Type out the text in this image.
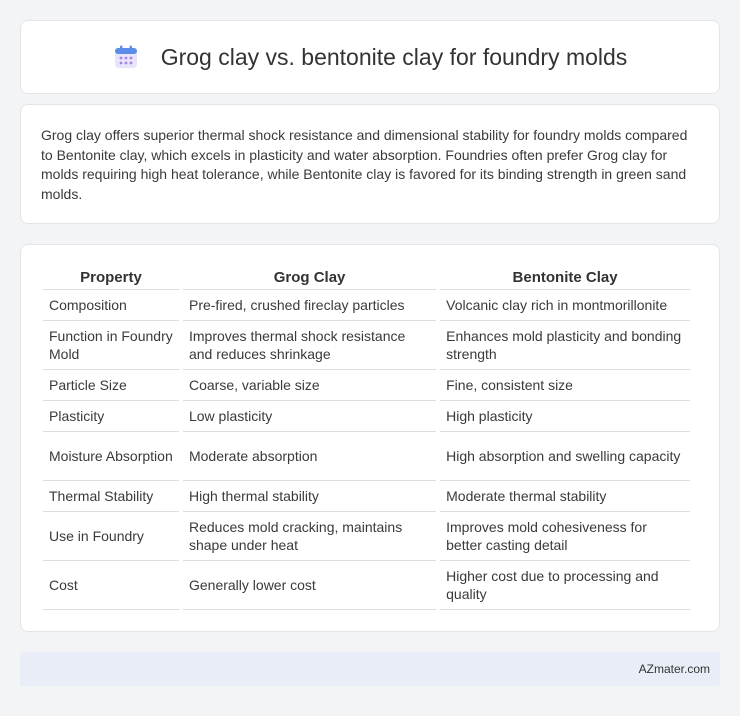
Grog clay vs. bentonite clay for foundry molds

Grog clay offers superior thermal shock resistance and dimensional stability for foundry molds compared to Bentonite clay, which excels in plasticity and water absorption. Foundries often prefer Grog clay for molds requiring high heat tolerance, while Bentonite clay is favored for its binding strength in green sand molds.

Property	Grog Clay	Bentonite Clay
Composition	Pre-fired, crushed fireclay particles	Volcanic clay rich in montmorillonite
Function in Foundry Mold	Improves thermal shock resistance and reduces shrinkage	Enhances mold plasticity and bonding strength
Particle Size	Coarse, variable size	Fine, consistent size
Plasticity	Low plasticity	High plasticity
Moisture Absorption	Moderate absorption	High absorption and swelling capacity
Thermal Stability	High thermal stability	Moderate thermal stability
Use in Foundry	Reduces mold cracking, maintains shape under heat	Improves mold cohesiveness for better casting detail
Cost	Generally lower cost	Higher cost due to processing and quality
AZmater.com
